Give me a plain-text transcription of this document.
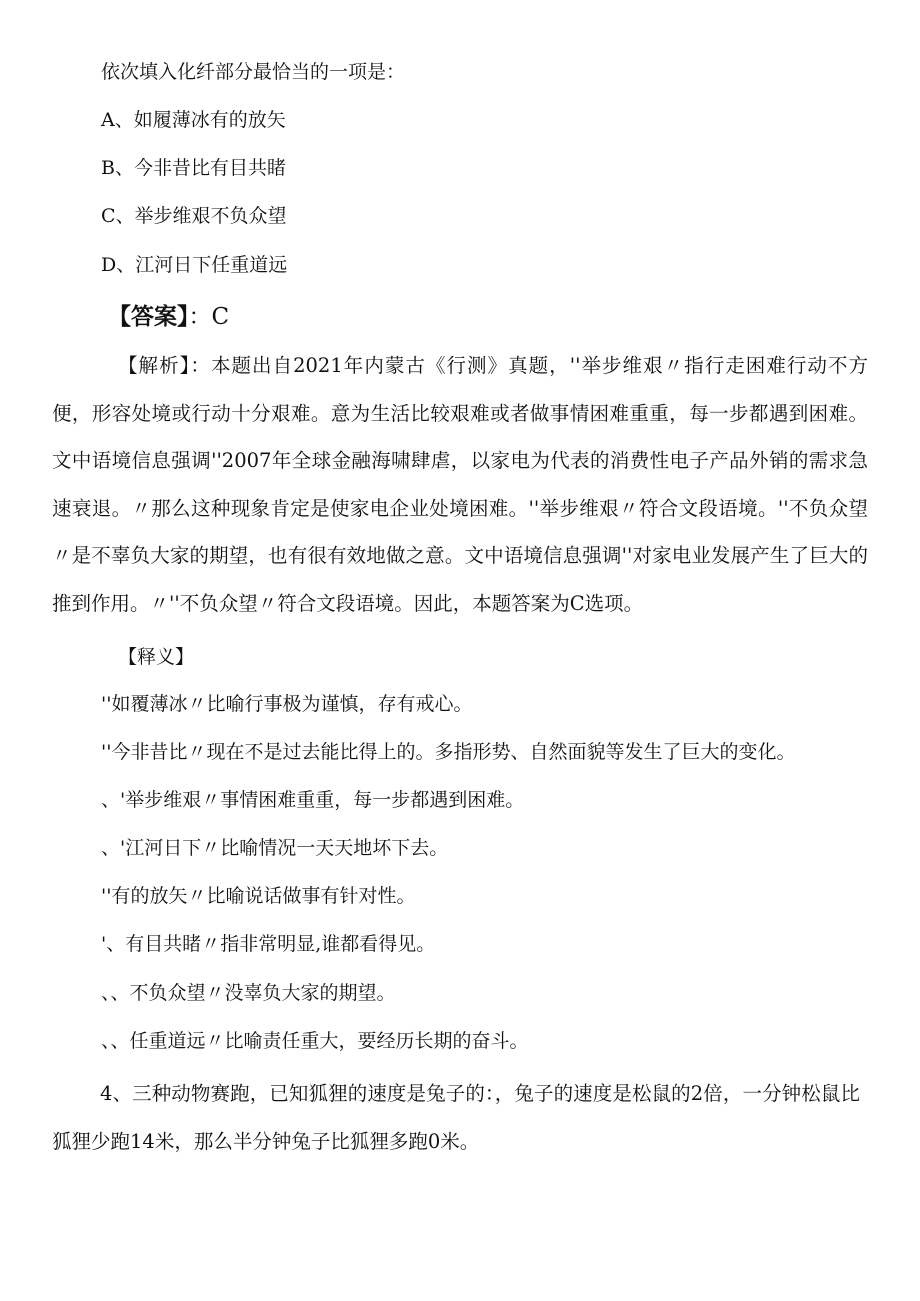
依次填入化纤部分最恰当的一项是：
A、如履薄冰有的放矢
B、今非昔比有目共睹
C、举步维艰不负众望
D、江河日下任重道远
【答案】：C
【解析】：本题出自2021年内蒙古《行测》真题，''举步维艰〃指行走困难行动不方便，形容处境或行动十分艰难。意为生活比较艰难或者做事情困难重重，每一步都遇到困难。文中语境信息强调''2007年全球金融海啸肆虐，以家电为代表的消费性电子产品外销的需求急速衰退。〃那么这种现象肯定是使家电企业处境困难。''举步维艰〃符合文段语境。''不负众望〃是不辜负大家的期望，也有很有效地做之意。文中语境信息强调''对家电业发展产生了巨大的推到作用。〃''不负众望〃符合文段语境。因此，本题答案为C选项。
【释义】
''如覆薄冰〃比喻行事极为谨慎，存有戒心。
''今非昔比〃现在不是过去能比得上的。多指形势、自然面貌等发生了巨大的变化。
、'举步维艰〃事情困难重重，每一步都遇到困难。
、'江河日下〃比喻情况一天天地坏下去。
''有的放矢〃比喻说话做事有针对性。
'、有目共睹〃指非常明显,谁都看得见。
、、不负众望〃没辜负大家的期望。
、、任重道远〃比喻责任重大，要经历长期的奋斗。
4、三种动物赛跑，已知狐狸的速度是兔子的：，兔子的速度是松鼠的2倍，一分钟松鼠比狐狸少跑14米，那么半分钟兔子比狐狸多跑0米。
